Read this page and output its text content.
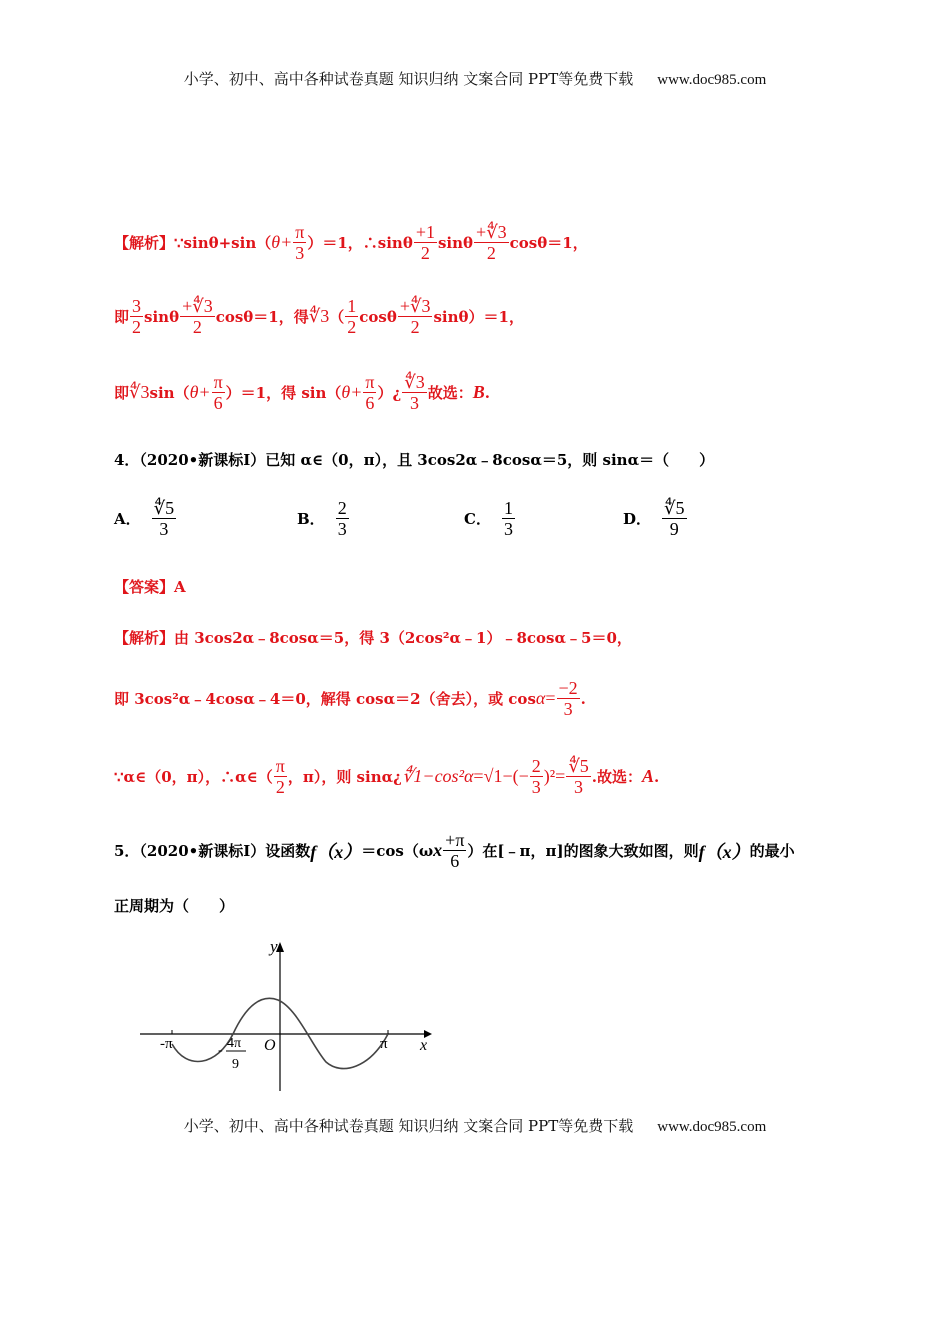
小学、初中、高中各种试卷真题 知识归纳 文案合同 PPT等免费下载 www.doc985.com
【解析】 ∵sinθ+sin（ $\theta+ \frac{\pi}{3} )=1$，∴sinθ $\frac{+1}{2}$ sinθ $\frac{+∜3}{2} \cos\theta=1$，
即 $\frac{3}{2}$ sinθ $\frac{+∜3}{2} \cos\theta=1$，得 ∜3 （ $\frac{1}{2}$ cosθ $\frac{+∜3}{2} \sin\theta)=1$，
即 ∜3 sin（ $\theta+ \frac{\pi}{6} )=1$，得 sin（ $\theta+ \frac{\pi}{6}$ ）¿ $\frac{∜3}{3}$ 故选： B .
4．（2020•新课标Ⅰ）已知 α∈（0，π），且 3cos2α﹣8cosα＝5，则 sinα＝（　　）
A． $\frac{∜5}{3}$	B． $\frac{2}{3}$	C． $\frac{1}{3}$	D． $\frac{∜5}{9}$
【答案】A
【解析】由 3cos2α﹣8cosα＝5，得 3（2cos²α﹣1）﹣8cosα﹣5＝0，
即 3cos²α﹣4cosα﹣4＝0，解得 cosα＝2（舍去），或 $\cos \alpha = \frac{-2}{3}$ .
∵α∈（0，π），∴α∈（ $\frac{\pi}{2}$ ，π），则 sinα¿ ∜1−cos²α = $√1-(- \frac{2}{3} )^2 = \frac{∜5}{3}$ .故选： A .
5．（2020•新课标Ⅰ）设函数 f（x） ＝cos（ω x $\frac{+\pi}{6}$ ）在[﹣π，π]的图象大致如图，则 f（x） 的最小
正周期为（　　）
y
x
O
-π	π
- 4π
9
小学、初中、高中各种试卷真题 知识归纳 文案合同 PPT等免费下载 www.doc985.com
